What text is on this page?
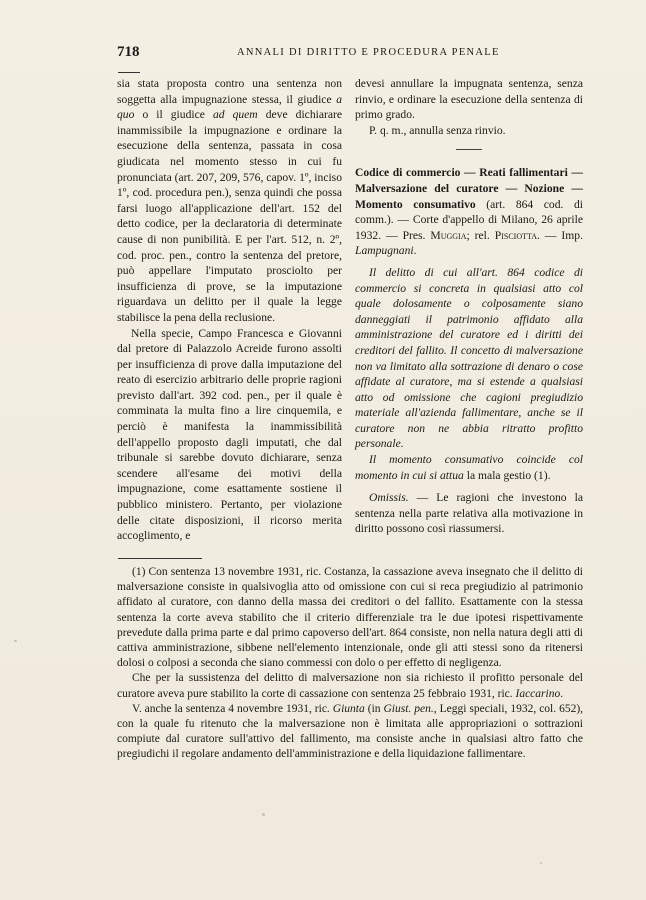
718	ANNALI DI DIRITTO E PROCEDURA PENALE

sia stata proposta contro una sentenza non soggetta alla impugnazione stessa, il giudice a quo o il giudice ad quem deve dichiarare inammissibile la impugnazione e ordinare la esecuzione della sentenza, passata in cosa giudicata nel momento stesso in cui fu pronunciata (art. 207, 209, 576, capov. 1º, inciso 1º, cod. procedura pen.), senza quindi che possa farsi luogo all'applicazione dell'art. 152 del detto codice, per la declaratoria di determinate cause di non punibilità. E per l'art. 512, n. 2º, cod. proc. pen., contro la sentenza del pretore, può appellare l'imputato prosciolto per insufficienza di prove, se la imputazione riguardava un delitto per il quale la legge stabilisce la pena della reclusione.

Nella specie, Campo Francesca e Giovanni dal pretore di Palazzolo Acreide furono assolti per insufficienza di prove dalla imputazione del reato di esercizio arbitrario delle proprie ragioni previsto dall'art. 392 cod. pen., per il quale è comminata la multa fino a lire cinquemila, e perciò è manifesta la inammissibilità dell'appello proposto dagli imputati, che dal tribunale si sarebbe dovuto dichiarare, senza scendere all'esame dei motivi della impugnazione, come esattamente sostiene il pubblico ministero. Pertanto, per violazione delle citate disposizioni, il ricorso merita accoglimento, e

devesi annullare la impugnata sentenza, senza rinvio, e ordinare la esecuzione della sentenza di primo grado.

P. q. m., annulla senza rinvio.

Codice di commercio — Reati fallimentari — Malversazione del curatore — Nozione — Momento consumativo (art. 864 cod. di comm.). — Corte d'appello di Milano, 26 aprile 1932. — Pres. Muggia; rel. Pisciotta. — Imp. Lampugnani.

Il delitto di cui all'art. 864 codice di commercio si concreta in qualsiasi atto col quale dolosamente o colposamente siano danneggiati il patrimonio affidato alla amministrazione del curatore ed i diritti dei creditori del fallito. Il concetto di malversazione non va limitato alla sottrazione di denaro o cose affidate al curatore, ma si estende a qualsiasi atto od omissione che cagioni pregiudizio materiale all'azienda fallimentare, anche se il curatore non ne abbia ritratto profitto personale.

Il momento consumativo coincide col momento in cui si attua la mala gestio (1).

Omissis. — Le ragioni che investono la sentenza nella parte relativa alla motivazione in diritto possono così riassumersi.

(1) Con sentenza 13 novembre 1931, ric. Costanza, la cassazione aveva insegnato che il delitto di malversazione consiste in qualsivoglia atto od omissione con cui si reca pregiudizio al patrimonio affidato al curatore, con danno della massa dei creditori o del fallito. Esattamente con la stessa sentenza la corte aveva stabilito che il criterio differenziale tra le due ipotesi rispettivamente prevedute dalla prima parte e dal primo capoverso dell'art. 864 consiste, non nella natura degli atti di cattiva amministrazione, sibbene nell'elemento intenzionale, onde gli atti stessi sono da ritenersi dolosi o colposi a seconda che siano commessi con dolo o per effetto di negligenza.

Che per la sussistenza del delitto di malversazione non sia richiesto il profitto personale del curatore aveva pure stabilito la corte di cassazione con sentenza 25 febbraio 1931, ric. Iaccarino.

V. anche la sentenza 4 novembre 1931, ric. Giunta (in Giust. pen., Leggi speciali, 1932, col. 652), con la quale fu ritenuto che la malversazione non è limitata alle appropriazioni o sottrazioni compiute dal curatore sull'attivo del fallimento, ma consiste anche in qualsiasi altro fatto che pregiudichi il regolare andamento dell'amministrazione e della liquidazione fallimentare.
